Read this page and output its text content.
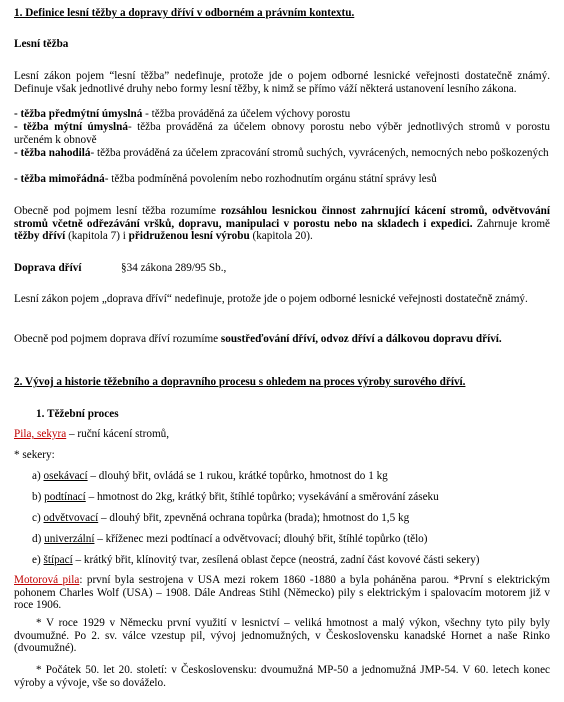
1. Definice lesní těžby a dopravy dříví v odborném a právním kontextu.

Lesní těžba

Lesní zákon pojem “lesní těžba” nedefinuje, protože jde o pojem odborné lesnické veřejnosti dostatečně známý. Definuje však jednotlivé druhy nebo formy lesní těžby, k nimž se přímo váží některá ustanovení lesního zákona.

- těžba předmýtní úmyslná - těžba prováděná za účelem výchovy porostu

- těžba mýtní úmyslná- těžba prováděná za účelem obnovy porostu nebo výběr jednotlivých stromů v porostu určeném k obnově

- těžba nahodilá- těžba prováděná za účelem zpracování stromů suchých, vyvrácených, nemocných nebo poškozených

- těžba mimořádná- těžba podmíněná povolením nebo rozhodnutím orgánu státní správy lesů

Obecně pod pojmem lesní těžba rozumíme rozsáhlou lesnickou činnost zahrnující kácení stromů, odvětvování stromů včetně odřezávání vršků, dopravu, manipulaci v porostu nebo na skladech i expedici. Zahrnuje kromě těžby dříví (kapitola 7) i přidruženou lesní výrobu (kapitola 20).

Doprava dříví	§34 zákona 289/95 Sb.,

Lesní zákon pojem „doprava dříví“ nedefinuje, protože jde o pojem odborné lesnické veřejnosti dostatečně známý.

Obecně pod pojmem doprava dříví rozumíme soustřeďování dříví, odvoz dříví a dálkovou dopravu dříví.

2. Vývoj a historie těžebního a dopravního procesu s ohledem na proces výroby surového dříví.

1. Těžební proces

Pila, sekyra – ruční kácení stromů,

* sekery:

a) osekávací – dlouhý břit, ovládá se 1 rukou, krátké topůrko, hmotnost do 1 kg

b) podtínací – hmotnost do 2kg, krátký břit, štíhlé topůrko; vysekávání a směrování záseku

c) odvětvovací – dlouhý břit, zpevněná ochrana topůrka (brada); hmotnost do 1,5 kg

d) univerzální – kříženec mezi podtínací a odvětvovací; dlouhý břit, štíhlé topůrko (tělo)

e) štípací – krátký břit, klínovitý tvar, zesílená oblast čepce (neostrá, zadní část kovové části sekery)

Motorová pila: první byla sestrojena v USA mezi rokem 1860 -1880 a byla poháněna parou. *První s elektrickým pohonem Charles Wolf (USA) – 1908. Dále Andreas Stihl (Německo) pily s elektrickým i spalovacím motorem již v roce 1906.

* V roce 1929 v Německu první využití v lesnictví – veliká hmotnost a malý výkon, všechny tyto pily byly dvoumužné. Po 2. sv. válce vzestup pil, vývoj jednomužných, v Československu kanadské Hornet a naše Rinko (dvoumužné).

* Počátek 50. let 20. století: v Československu: dvoumužná MP-50 a jednomužná JMP-54. V 60. letech konec výroby a vývoje, vše so dováželo.
